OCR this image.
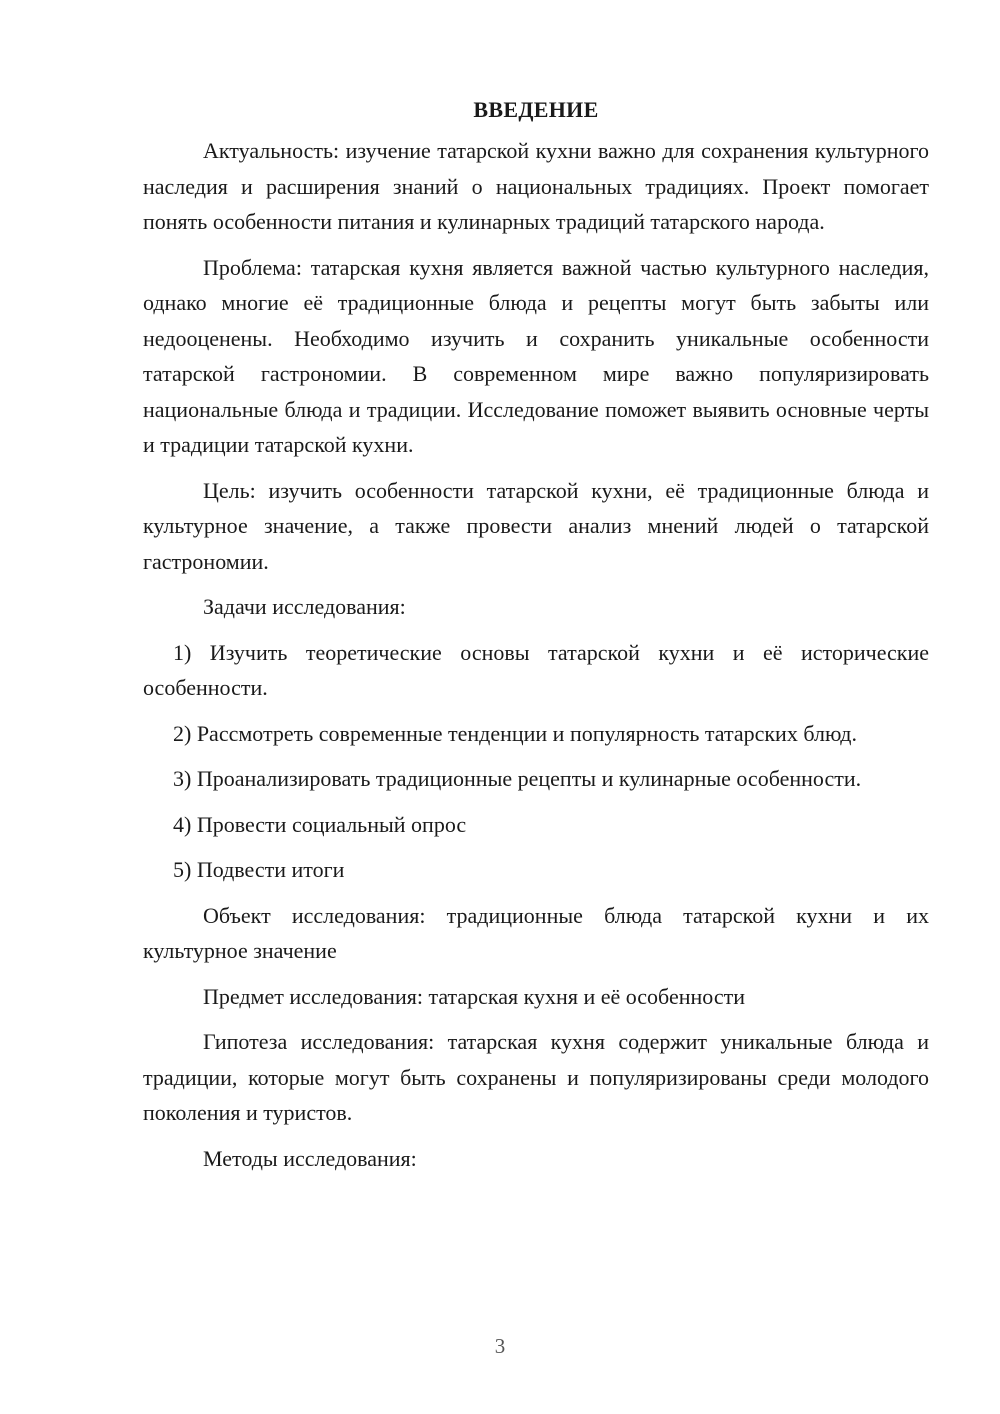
ВВЕДЕНИЕ

Актуальность: изучение татарской кухни важно для сохранения культурного наследия и расширения знаний о национальных традициях. Проект помогает понять особенности питания и кулинарных традиций татарского народа.

Проблема: татарская кухня является важной частью культурного наследия, однако многие её традиционные блюда и рецепты могут быть забыты или недооценены. Необходимо изучить и сохранить уникальные особенности татарской гастрономии. В современном мире важно популяризировать национальные блюда и традиции. Исследование поможет выявить основные черты и традиции татарской кухни.

Цель: изучить особенности татарской кухни, её традиционные блюда и культурное значение, а также провести анализ мнений людей о татарской гастрономии.

Задачи исследования:

1) Изучить теоретические основы татарской кухни и её исторические особенности.

2) Рассмотреть современные тенденции и популярность татарских блюд.

3) Проанализировать традиционные рецепты и кулинарные особенности.

4) Провести социальный опрос

5) Подвести итоги

Объект исследования: традиционные блюда татарской кухни и их культурное значение

Предмет исследования: татарская кухня и её особенности

Гипотеза исследования: татарская кухня содержит уникальные блюда и традиции, которые могут быть сохранены и популяризированы среди молодого поколения и туристов.

Методы исследования:

3
